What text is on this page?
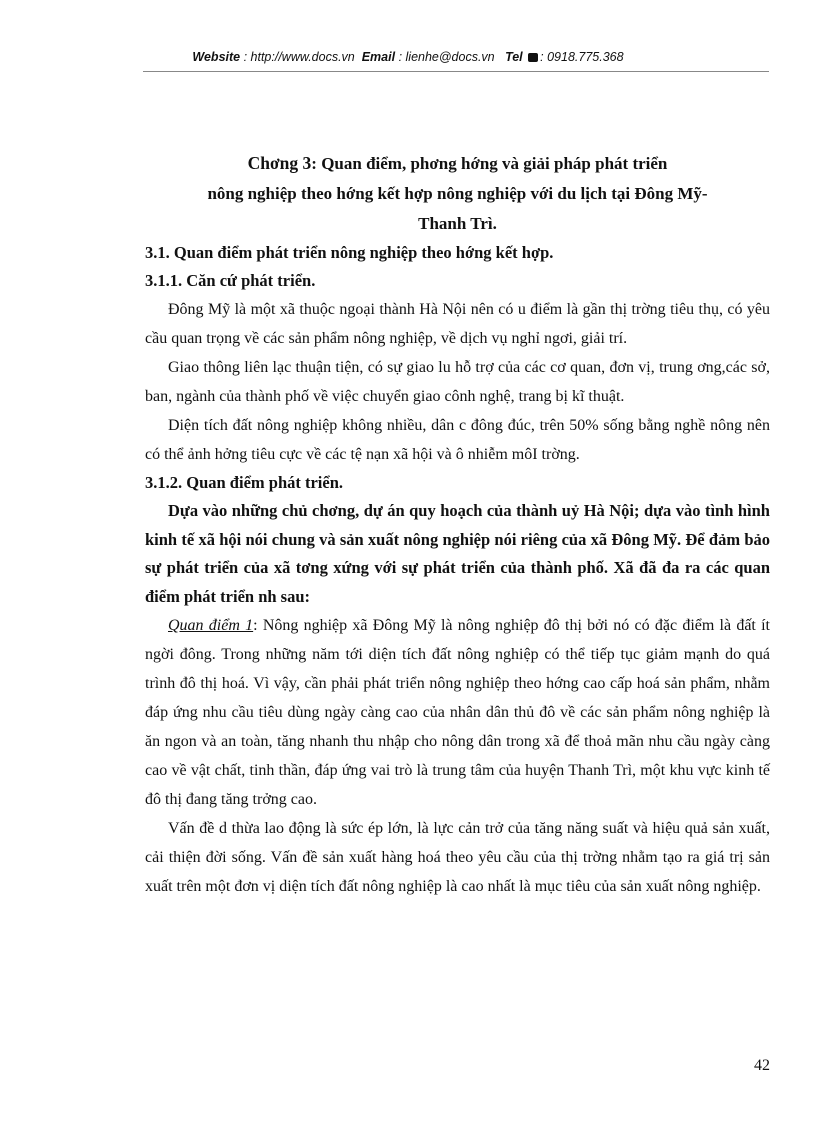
Website : http://www.docs.vn Email : lienhe@docs.vn Tel : 0918.775.368
Chơng 3: Quan điểm, phơng hớng và giải pháp phát triển
nông nghiệp theo hớng kết hợp nông nghiệp với du lịch tại Đông Mỹ-
Thanh Trì.

3.1. Quan điểm phát triển nông nghiệp theo hớng kết hợp.

3.1.1. Căn cứ phát triển.

Đông Mỹ là một xã thuộc ngoại thành Hà Nội nên có u điểm là gần thị trờng tiêu thụ, có yêu cầu quan trọng về các sản phẩm nông nghiệp, về dịch vụ nghỉ ngơi, giải trí.

Giao thông liên lạc thuận tiện, có sự giao lu hỗ trợ của các cơ quan, đơn vị, trung ơng,các sở, ban, ngành của thành phố về việc chuyển giao cônh nghệ, trang bị kĩ thuật.

Diện tích đất nông nghiệp không nhiều, dân c đông đúc, trên 50% sống bằng nghề nông nên có thể ảnh hởng tiêu cực về các tệ nạn xã hội và ô nhiễm môI trờng.

3.1.2. Quan điểm phát triển.

Dựa vào những chủ chơng, dự án quy hoạch của thành uỷ Hà Nội; dựa vào tình hình kinh tế xã hội nói chung và sản xuất nông nghiệp nói riêng của xã Đông Mỹ. Để đảm bảo sự phát triển của xã tơng xứng với sự phát triển của thành phố. Xã đã đa ra các quan điểm phát triển nh sau:

Quan điểm 1: Nông nghiệp xã Đông Mỹ là nông nghiệp đô thị bởi nó có đặc điểm là đất ít ngời đông. Trong những năm tới diện tích đất nông nghiệp có thể tiếp tục giảm mạnh do quá trình đô thị hoá. Vì vậy, cần phải phát triển nông nghiệp theo hớng cao cấp hoá sản phẩm, nhằm đáp ứng nhu cầu tiêu dùng ngày càng cao của nhân dân thủ đô về các sản phẩm nông nghiệp là ăn ngon và an toàn, tăng nhanh thu nhập cho nông dân trong xã để thoả mãn nhu cầu ngày càng cao về vật chất, tinh thần, đáp ứng vai trò là trung tâm của huyện Thanh Trì, một khu vực kinh tế đô thị đang tăng trởng cao.

Vấn đề d thừa lao động là sức ép lớn, là lực cản trở của tăng năng suất và hiệu quả sản xuất, cải thiện đời sống. Vấn đề sản xuất hàng hoá theo yêu cầu của thị trờng nhằm tạo ra giá trị sản xuất trên một đơn vị diện tích đất nông nghiệp là cao nhất là mục tiêu của sản xuất nông nghiệp.

42
